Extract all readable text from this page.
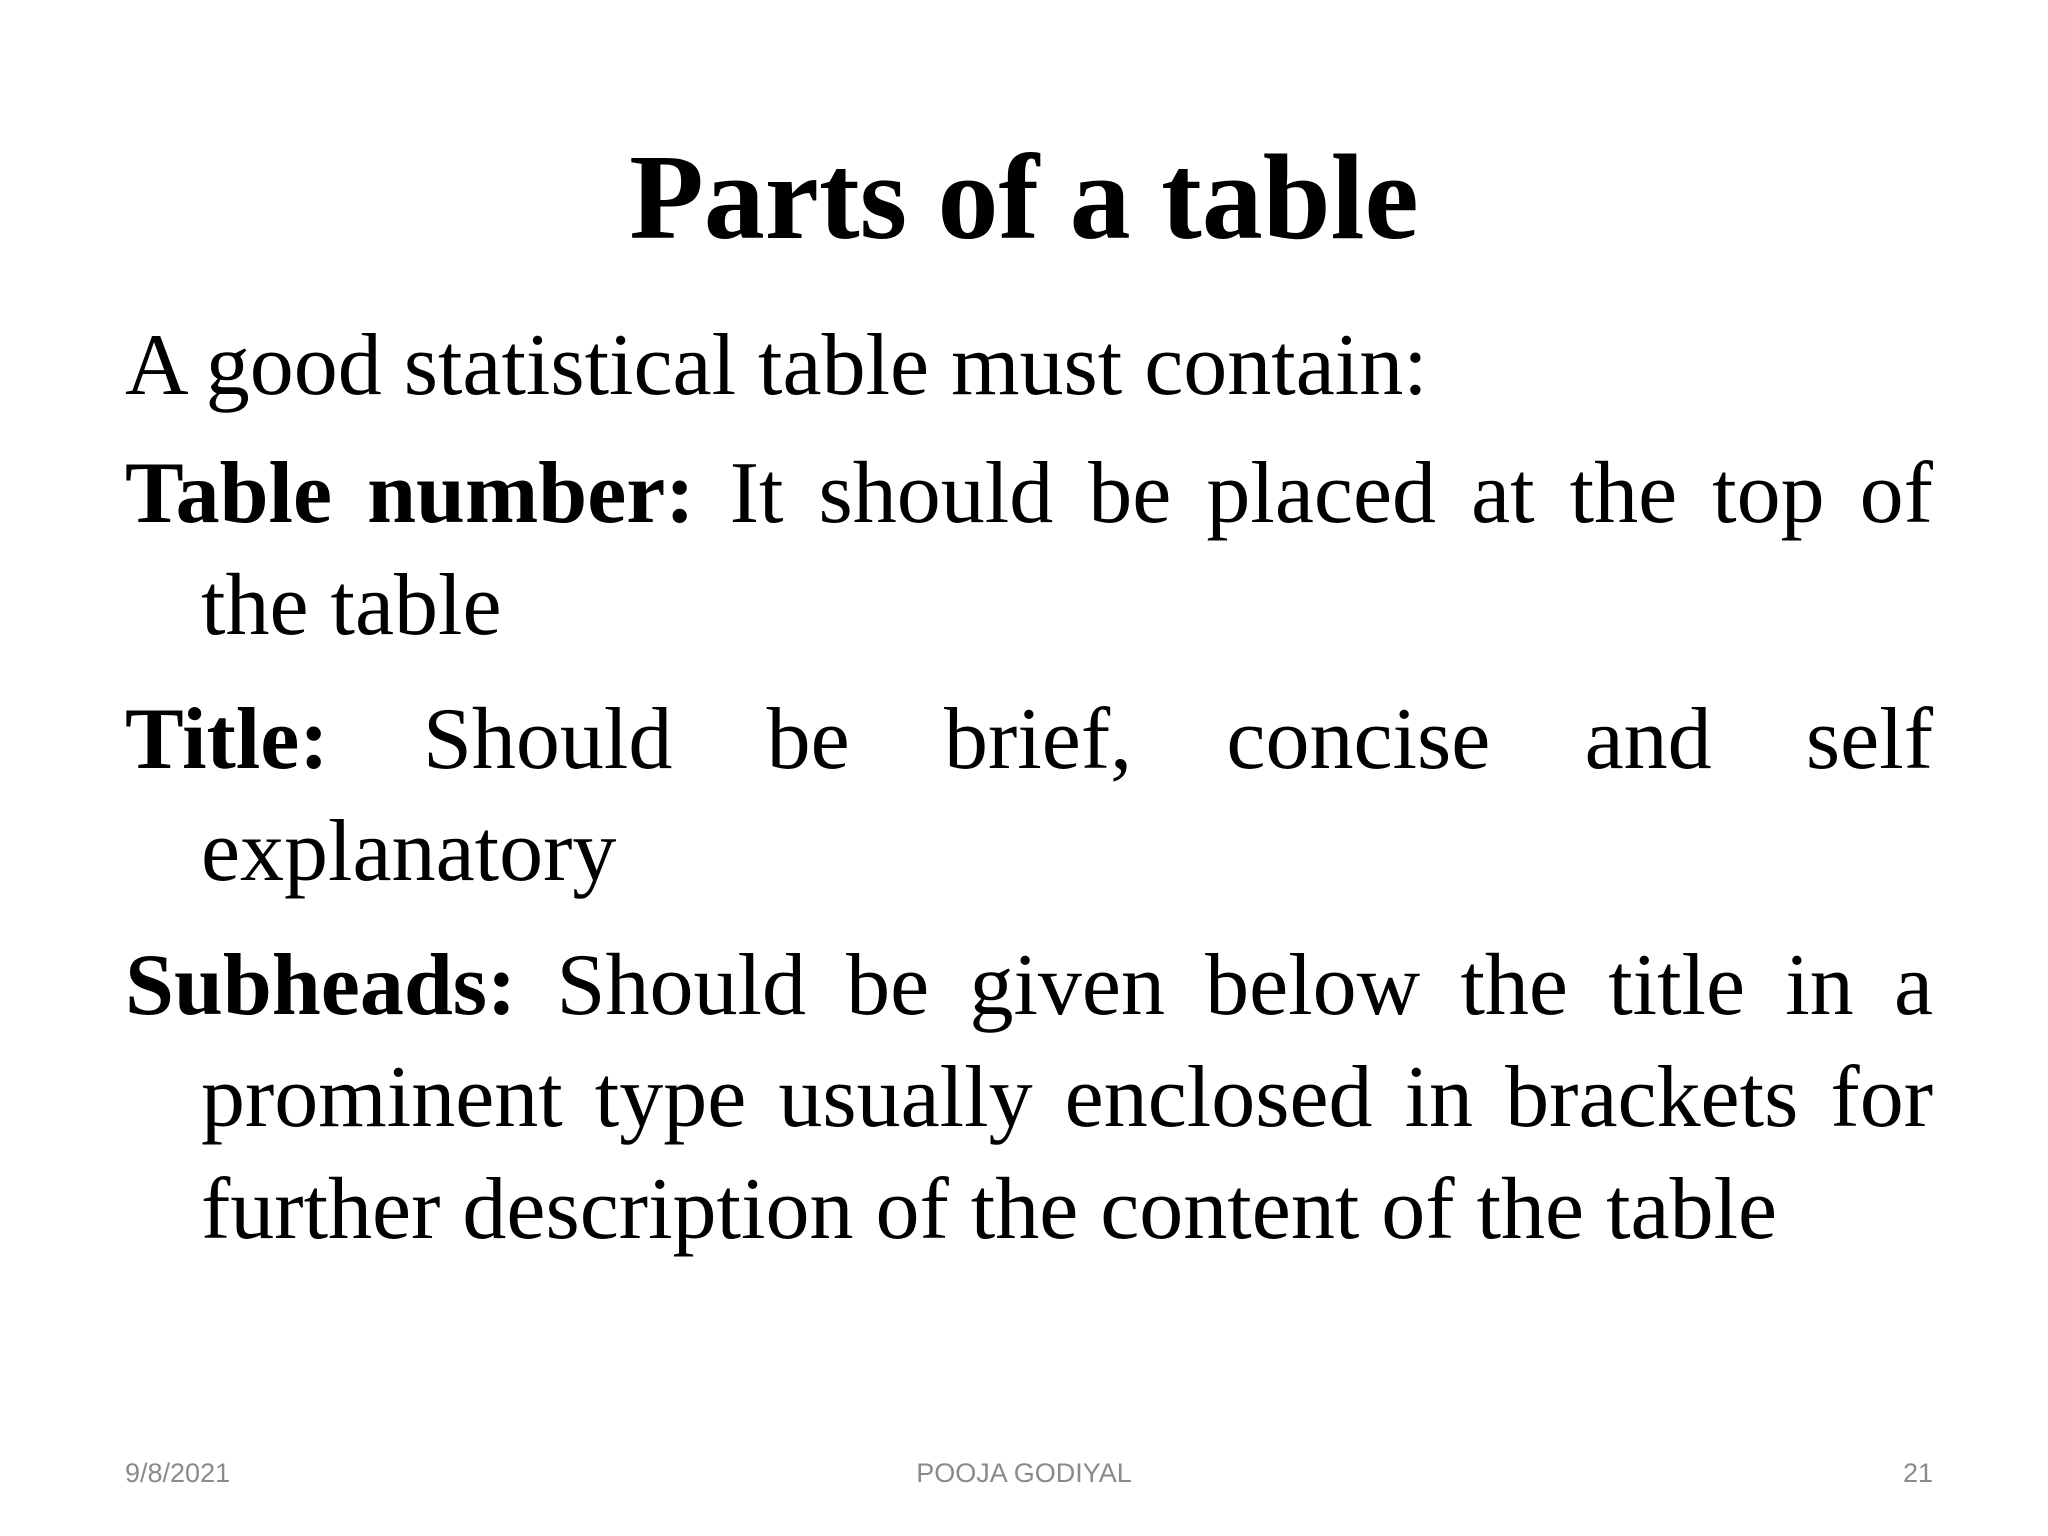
Parts of a table

A good statistical table must contain:

Table number: It should be placed at the top of the table

Title: Should be brief, concise and self explanatory

Subheads: Should be given below the title in a prominent type usually enclosed in brackets for further description of the content of the table

9/8/2021	POOJA GODIYAL	21
